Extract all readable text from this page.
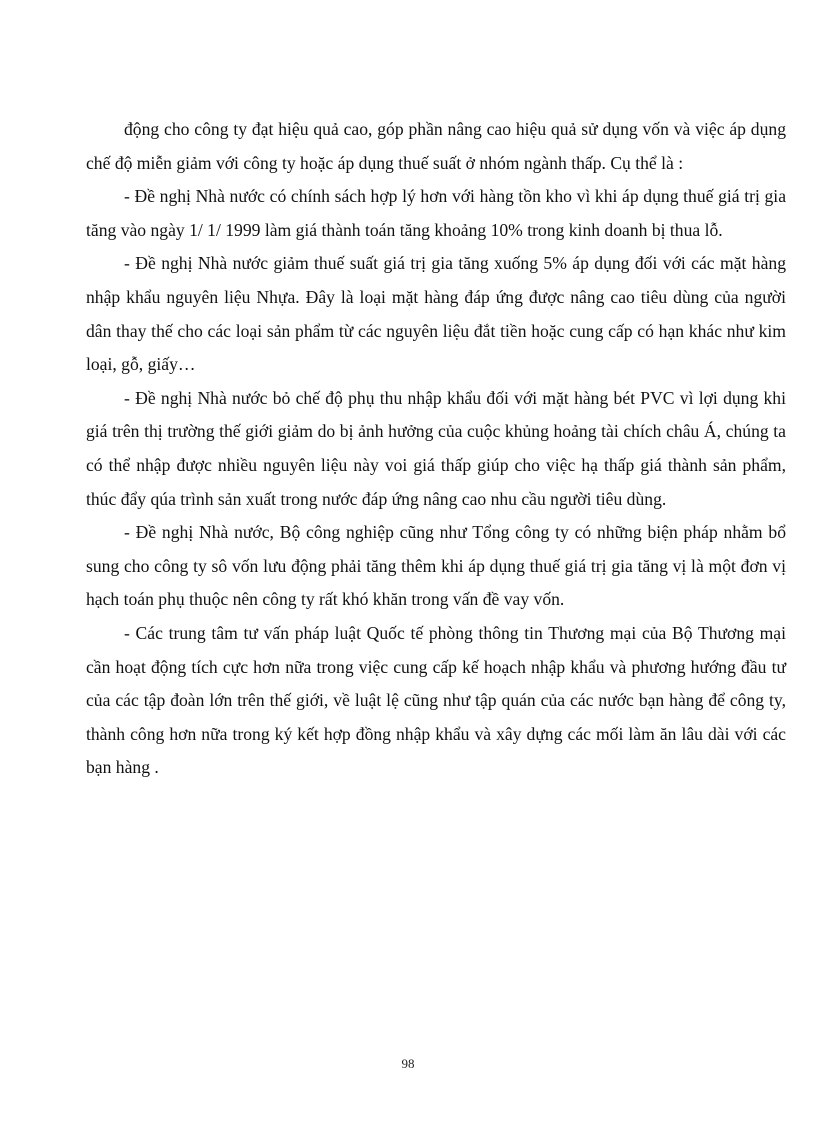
động cho công ty đạt hiệu quả cao, góp phần nâng cao hiệu quả sử dụng vốn và việc áp dụng chế độ miễn giảm với công ty hoặc áp dụng thuế suất ở nhóm ngành thấp. Cụ thể là :

- Đề nghị Nhà nước có chính sách hợp lý hơn với hàng tồn kho vì khi áp dụng thuế giá trị gia tăng vào ngày 1/ 1/ 1999 làm giá thành toán tăng khoảng 10% trong kinh doanh bị thua lỗ.

- Đề nghị Nhà nước giảm thuế suất giá trị gia tăng xuống 5% áp dụng đối với các mặt hàng nhập khẩu nguyên liệu Nhựa. Đây là loại mặt hàng đáp ứng được nâng cao tiêu dùng của người dân thay thế cho các loại sản phẩm từ các nguyên liệu đắt tiền hoặc cung cấp có hạn khác như kim loại, gỗ, giấy…

- Đề nghị Nhà nước bỏ chế độ phụ thu nhập khẩu đối với mặt hàng bét PVC vì lợi dụng khi giá trên thị trường thế giới giảm do bị ảnh hưởng của cuộc khủng hoảng tài chích châu Á, chúng ta có thể nhập được nhiều nguyên liệu này voi giá thấp giúp cho việc hạ thấp giá thành sản phẩm, thúc đẩy qúa trình sản xuất trong nước đáp ứng nâng cao nhu cầu người tiêu dùng.

- Đề nghị Nhà nước, Bộ công nghiệp cũng như Tổng công ty có những biện pháp nhằm bổ sung cho công ty sô vốn lưu động phải tăng thêm khi áp dụng thuế giá trị gia tăng vị là một đơn vị hạch toán phụ thuộc nên công ty rất khó khăn trong vấn đề vay vốn.

- Các trung tâm tư vấn pháp luật Quốc tế phòng thông tin Thương mại của Bộ Thương mại cần hoạt động tích cực hơn nữa trong việc cung cấp kế hoạch nhập khẩu và phương hướng đầu tư của các tập đoàn lớn trên thế giới, về luật lệ cũng như tập quán của các nước bạn hàng để công ty, thành công hơn nữa trong ký kết hợp đồng nhập khẩu và xây dựng các mối làm ăn lâu dài với các bạn hàng .

98
